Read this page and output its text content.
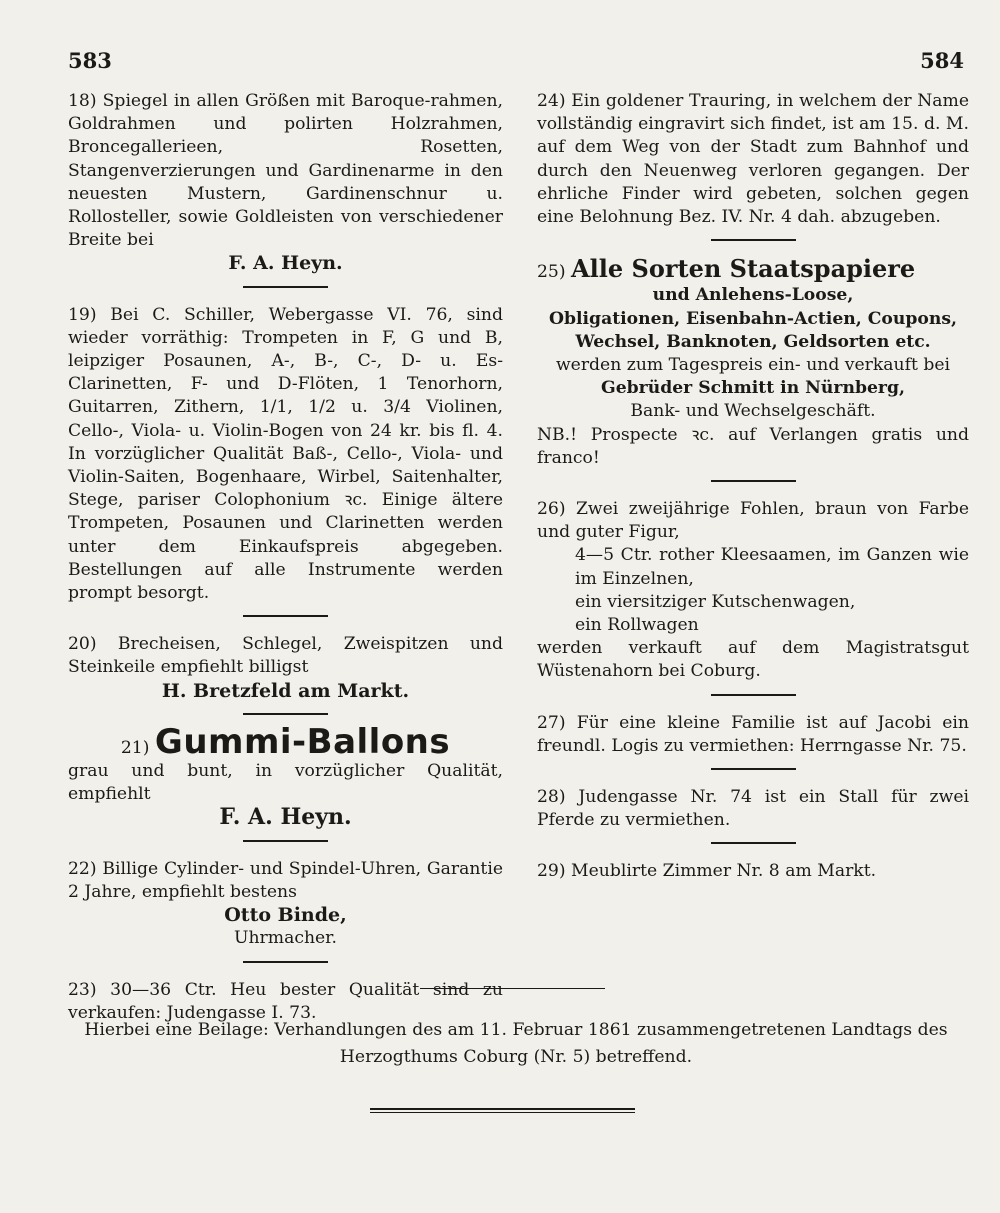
583	584
18) Spiegel in allen Größen mit Baroque-rahmen, Goldrahmen und polirten Holzrahmen, Broncegallerieen, Rosetten, Stangenverzierungen und Gardinenarme in den neuesten Mustern, Gardinenschnur u. Rollosteller, sowie Goldleisten von verschiedener Breite bei
F. A. Heyn.
19) Bei C. Schiller, Webergasse VI. 76, sind wieder vorräthig: Trompeten in F, G und B, leipziger Posaunen, A-, B-, C-, D- u. Es-Clarinetten, F- und D-Flöten, 1 Tenorhorn, Guitarren, Zithern, 1/1, 1/2 u. 3/4 Violinen, Cello-, Viola- u. Violin-Bogen von 24 kr. bis fl. 4. In vorzüglicher Qualität Baß-, Cello-, Viola- und Violin-Saiten, Bogenhaare, Wirbel, Saitenhalter, Stege, pariser Colophonium ꝛc. Einige ältere Trompeten, Posaunen und Clarinetten werden unter dem Einkaufspreis abgegeben. Bestellungen auf alle Instrumente werden prompt besorgt.
20) Brecheisen, Schlegel, Zweispitzen und Steinkeile empfiehlt billigst
H. Bretzfeld am Markt.
21) Gummi-Ballons
grau und bunt, in vorzüglicher Qualität, empfiehlt
F. A. Heyn.
22) Billige Cylinder- und Spindel-Uhren, Garantie 2 Jahre, empfiehlt bestens
Otto Binde,
Uhrmacher.
23) 30—36 Ctr. Heu bester Qualität sind zu verkaufen: Judengasse I. 73.
24) Ein goldener Trauring, in welchem der Name vollständig eingravirt sich findet, ist am 15. d. M. auf dem Weg von der Stadt zum Bahnhof und durch den Neuenweg verloren gegangen. Der ehrliche Finder wird gebeten, solchen gegen eine Belohnung Bez. IV. Nr. 4 dah. abzugeben.
25) Alle Sorten Staatspapiere
und Anlehens-Loose,
Obligationen, Eisenbahn-Actien, Coupons,
Wechsel, Banknoten, Geldsorten etc.
werden zum Tagespreis ein- und verkauft bei
Gebrüder Schmitt in Nürnberg,
Bank- und Wechselgeschäft.
NB.! Prospecte ꝛc. auf Verlangen gratis und franco!
26) Zwei zweijährige Fohlen, braun von Farbe und guter Figur,
4—5 Ctr. rother Kleesaamen, im Ganzen wie im Einzelnen,
ein viersitziger Kutschenwagen,
ein Rollwagen
werden verkauft auf dem Magistratsgut Wüstenahorn bei Coburg.
27) Für eine kleine Familie ist auf Jacobi ein freundl. Logis zu vermiethen: Herrngasse Nr. 75.
28) Judengasse Nr. 74 ist ein Stall für zwei Pferde zu vermiethen.
29) Meublirte Zimmer Nr. 8 am Markt.
Hierbei eine Beilage: Verhandlungen des am 11. Februar 1861 zusammengetretenen Landtags des Herzogthums Coburg (Nr. 5) betreffend.
